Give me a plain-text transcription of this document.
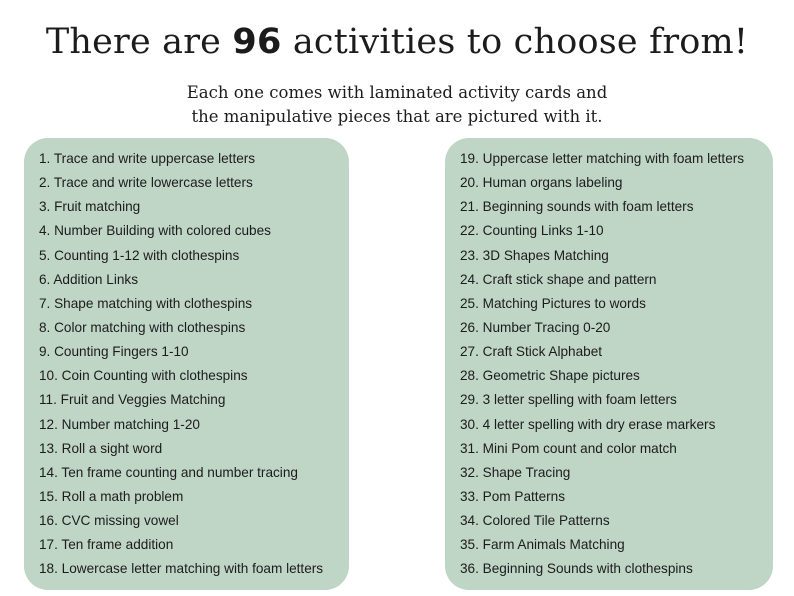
There are 96 activities to choose from!
Each one comes with laminated activity cards and
the manipulative pieces that are pictured with it.
1. Trace and write uppercase letters
2. Trace and write lowercase letters
3. Fruit matching
4. Number Building with colored cubes
5. Counting 1-12 with clothespins
6. Addition Links
7. Shape matching with clothespins
8. Color matching with clothespins
9. Counting Fingers 1-10
10. Coin Counting with clothespins
11. Fruit and Veggies Matching
12. Number matching 1-20
13. Roll a sight word
14. Ten frame counting and number tracing
15. Roll a math problem
16. CVC missing vowel
17. Ten frame addition
18. Lowercase letter matching with foam letters
19. Uppercase letter matching with foam letters
20. Human organs labeling
21. Beginning sounds with foam letters
22. Counting Links 1-10
23. 3D Shapes Matching
24. Craft stick shape and pattern
25. Matching Pictures to words
26. Number Tracing 0-20
27. Craft Stick Alphabet
28. Geometric Shape pictures
29. 3 letter spelling with foam letters
30. 4 letter spelling with dry erase markers
31. Mini Pom count and color match
32. Shape Tracing
33. Pom Patterns
34. Colored Tile Patterns
35. Farm Animals Matching
36. Beginning Sounds with clothespins
